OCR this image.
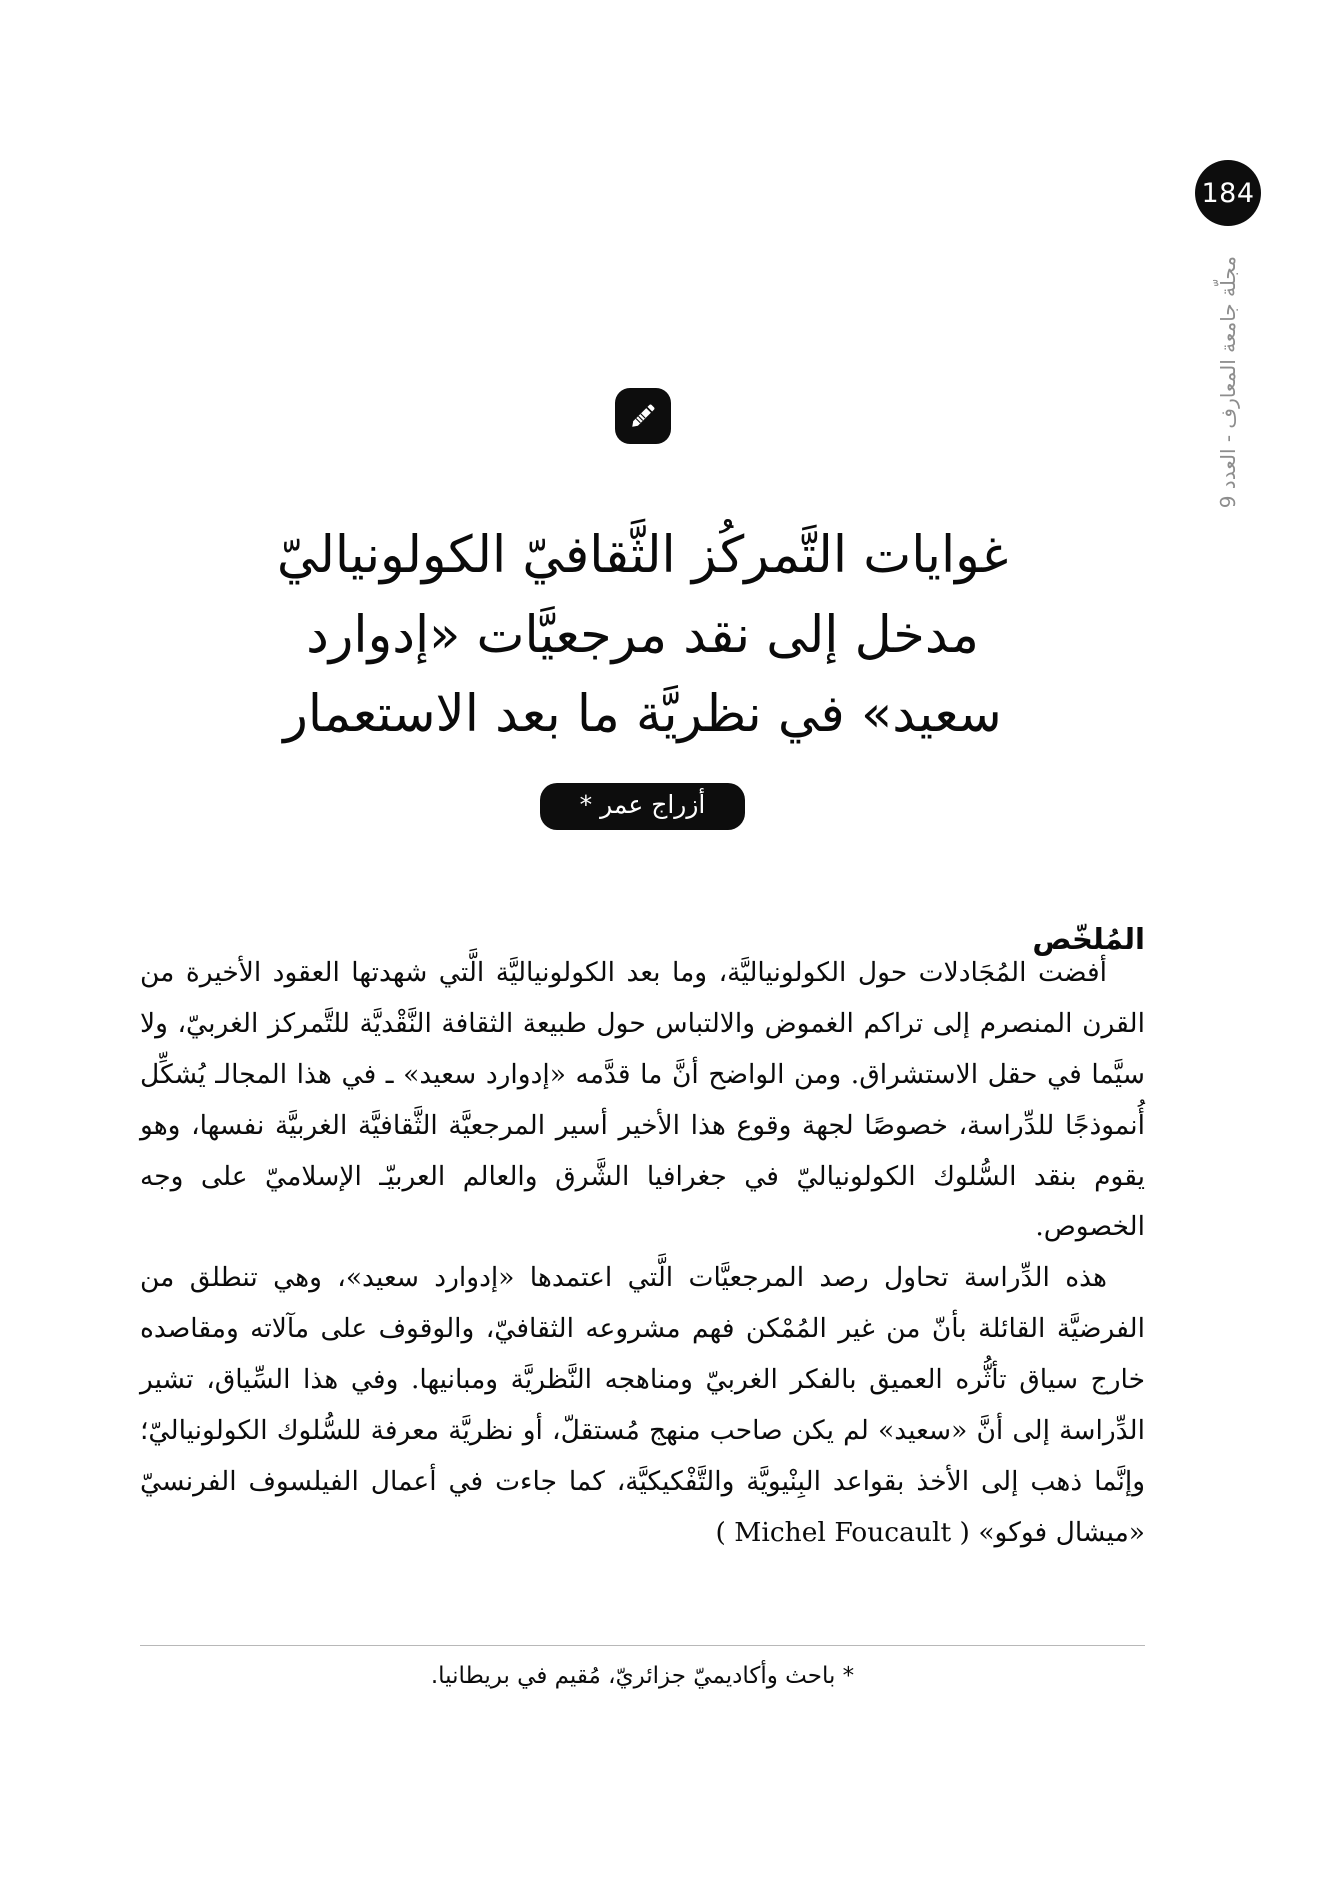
184
مجلّة جامعة المعارف - العدد 9
غوايات التَّمركُز الثَّقافيّ الكولونياليّ
مدخل إلى نقد مرجعيَّات «إدوارد
سعيد» في نظريَّة ما بعد الاستعمار
أزراج عمر *
المُلخّص

أفضت المُجَادلات حول الكولونياليَّة، وما بعد الكولونياليَّة الَّتي شهدتها العقود الأخيرة من القرن المنصرم إلى تراكم الغموض والالتباس حول طبيعة الثقافة النَّقْديَّة للتَّمركز الغربيّ، ولا سيَّما في حقل الاستشراق. ومن الواضح أنَّ ما قدَّمه «إدوارد سعيد» ـ في هذا المجالـ يُشكِّل أُنموذجًا للدِّراسة، خصوصًا لجهة وقوع هذا الأخير أسير المرجعيَّة الثَّقافيَّة الغربيَّة نفسها، وهو يقوم بنقد السُّلوك الكولونياليّ في جغرافيا الشَّرق والعالم العربيّـ الإسلاميّ على وجه الخصوص.

هذه الدِّراسة تحاول رصد المرجعيَّات الَّتي اعتمدها «إدوارد سعيد»، وهي تنطلق من الفرضيَّة القائلة بأنّ من غير المُمْكن فهم مشروعه الثقافيّ، والوقوف على مآلاته ومقاصده خارج سياق تأثُّره العميق بالفكر الغربيّ ومناهجه النَّظريَّة ومبانيها. وفي هذا السِّياق، تشير الدِّراسة إلى أنَّ «سعيد» لم يكن صاحب منهج مُستقلّ، أو نظريَّة معرفة للسُّلوك الكولونياليّ؛ وإنَّما ذهب إلى الأخذ بقواعد البِنْيويَّة والتَّفْكيكيَّة، كما جاءت في أعمال الفيلسوف الفرنسيّ «ميشال فوكو» ( Michel Foucault )

* باحث وأكاديميّ جزائريّ، مُقيم في بريطانيا.
